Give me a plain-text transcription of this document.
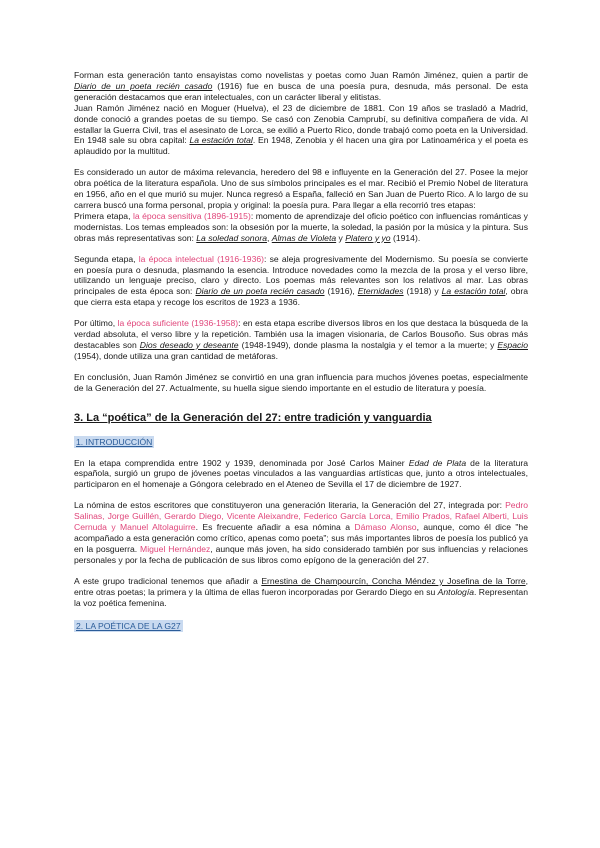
Forman esta generación tanto ensayistas como novelistas y poetas como Juan Ramón Jiménez, quien a partir de Diario de un poeta recién casado (1916) fue en busca de una poesía pura, desnuda, más personal. De esta generación destacamos que eran intelectuales, con un carácter liberal y elitistas.

Juan Ramón Jiménez nació en Moguer (Huelva), el 23 de diciembre de 1881. Con 19 años se trasladó a Madrid, donde conoció a grandes poetas de su tiempo. Se casó con Zenobia Camprubí, su definitiva compañera de vida. Al estallar la Guerra Civil, tras el asesinato de Lorca, se exilió a Puerto Rico, donde trabajó como poeta en la Universidad. En 1948 sale su obra capital: La estación total. En 1948, Zenobia y él hacen una gira por Latinoamérica y el poeta es aplaudido por la multitud.

Es considerado un autor de máxima relevancia, heredero del 98 e influyente en la Generación del 27. Posee la mejor obra poética de la literatura española. Uno de sus símbolos principales es el mar. Recibió el Premio Nobel de literatura en 1956, año en el que murió su mujer. Nunca regresó a España, falleció en San Juan de Puerto Rico. A lo largo de su carrera buscó una forma personal, propia y original: la poesía pura. Para llegar a ella recorrió tres etapas:

Primera etapa, la época sensitiva (1896-1915): momento de aprendizaje del oficio poético con influencias románticas y modernistas. Los temas empleados son: la obsesión por la muerte, la soledad, la pasión por la música y la pintura. Sus obras más representativas son: La soledad sonora, Almas de Violeta y Platero y yo (1914).

Segunda etapa, la época intelectual (1916-1936): se aleja progresivamente del Modernismo. Su poesía se convierte en poesía pura o desnuda, plasmando la esencia. Introduce novedades como la mezcla de la prosa y el verso libre, utilizando un lenguaje preciso, claro y directo. Los poemas más relevantes son los relativos al mar. Las obras principales de esta época son: Diario de un poeta recién casado (1916), Eternidades (1918) y La estación total, obra que cierra esta etapa y recoge los escritos de 1923 a 1936.

Por último, la época suficiente (1936-1958): en esta etapa escribe diversos libros en los que destaca la búsqueda de la verdad absoluta, el verso libre y la repetición. También usa la imagen visionaria, de Carlos Bousoño. Sus obras más destacables son Dios deseado y deseante (1948-1949), donde plasma la nostalgia y el temor a la muerte; y Espacio (1954), donde utiliza una gran cantidad de metáforas.

En conclusión, Juan Ramón Jiménez se convirtió en una gran influencia para muchos jóvenes poetas, especialmente de la Generación del 27. Actualmente, su huella sigue siendo importante en el estudio de literatura y poesía.

3. La “poética” de la Generación del 27: entre tradición y vanguardia
1. INTRODUCCIÓN

En la etapa comprendida entre 1902 y 1939, denominada por José Carlos Mainer Edad de Plata de la literatura española, surgió un grupo de jóvenes poetas vinculados a las vanguardias artísticas que, junto a otros intelectuales, participaron en el homenaje a Góngora celebrado en el Ateneo de Sevilla el 17 de diciembre de 1927.

La nómina de estos escritores que constituyeron una generación literaria, la Generación del 27, integrada por: Pedro Salinas, Jorge Guillén, Gerardo Diego, Vicente Aleixandre, Federico García Lorca, Emilio Prados, Rafael Alberti, Luis Cernuda y Manuel Altolaguirre. Es frecuente añadir a esa nómina a Dámaso Alonso, aunque, como él dice "he acompañado a esta generación como crítico, apenas como poeta"; sus más importantes libros de poesía los publicó ya en la posguerra. Miguel Hernández, aunque más joven, ha sido considerado también por sus influencias y relaciones personales y por la fecha de publicación de sus libros como epígono de la generación del 27.

A este grupo tradicional tenemos que añadir a Ernestina de Champourcín, Concha Méndez y Josefina de la Torre, entre otras poetas; la primera y la última de ellas fueron incorporadas por Gerardo Diego en su Antología. Representan la voz poética femenina.

2. LA POÉTICA DE LA G27
